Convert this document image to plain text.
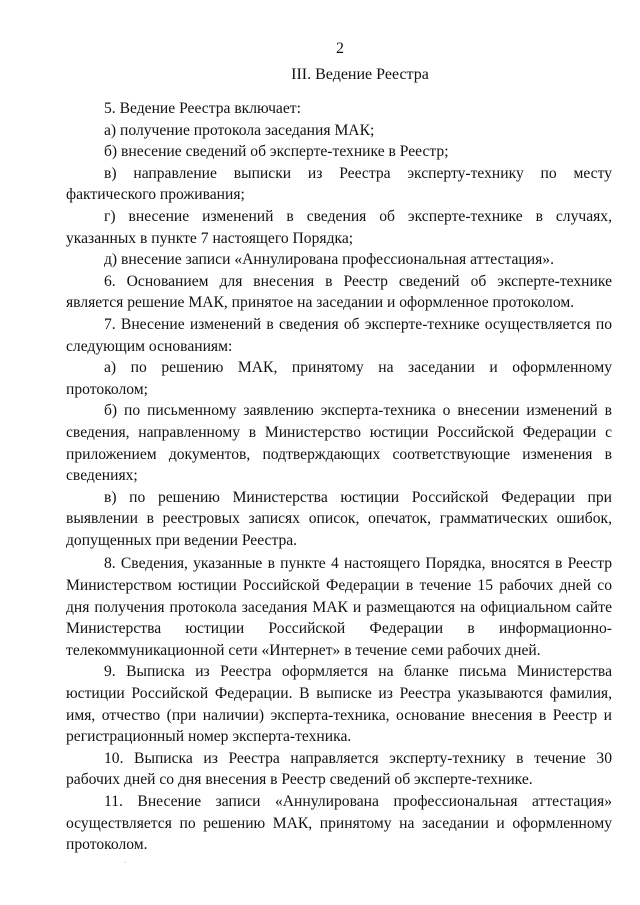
2
III. Ведение Реестра

5. Ведение Реестра включает:

а) получение протокола заседания МАК;

б) внесение сведений об эксперте-технике в Реестр;

в) направление выписки из Реестра эксперту-технику по месту фактического проживания;

г) внесение изменений в сведения об эксперте-технике в случаях, указанных в пункте 7 настоящего Порядка;

д) внесение записи «Аннулирована профессиональная аттестация».

6. Основанием для внесения в Реестр сведений об эксперте-технике является решение МАК, принятое на заседании и оформленное протоколом.

7. Внесение изменений в сведения об эксперте-технике осуществляется по следующим основаниям:

а) по решению МАК, принятому на заседании и оформленному протоколом;

б) по письменному заявлению эксперта-техника о внесении изменений в сведения, направленному в Министерство юстиции Российской Федерации с приложением документов, подтверждающих соответствующие изменения в сведениях;

в) по решению Министерства юстиции Российской Федерации при выявлении в реестровых записях описок, опечаток, грамматических ошибок, допущенных при ведении Реестра.

8. Сведения, указанные в пункте 4 настоящего Порядка, вносятся в Реестр Министерством юстиции Российской Федерации в течение 15 рабочих дней со дня получения протокола заседания МАК и размещаются на официальном сайте Министерства юстиции Российской Федерации в информационно-телекоммуникационной сети «Интернет» в течение семи рабочих дней.

9. Выписка из Реестра оформляется на бланке письма Министерства юстиции Российской Федерации. В выписке из Реестра указываются фамилия, имя, отчество (при наличии) эксперта-техника, основание внесения в Реестр и регистрационный номер эксперта-техника.

10. Выписка из Реестра направляется эксперту-технику в течение 30 рабочих дней со дня внесения в Реестр сведений об эксперте-технике.

11. Внесение записи «Аннулирована профессиональная аттестация» осуществляется по решению МАК, принятому на заседании и оформленному протоколом.

ˎ
